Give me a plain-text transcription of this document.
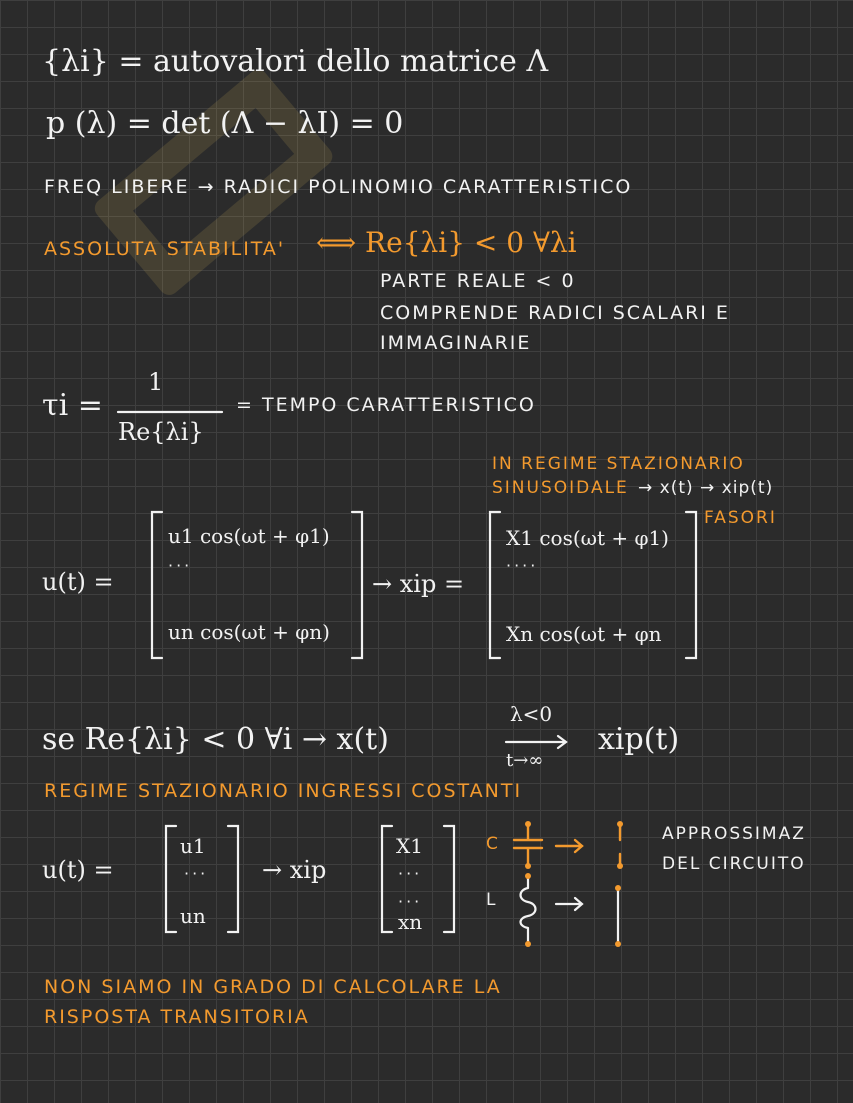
{λi} = autovalori dello matrice Λ
p (λ) = det (Λ − λI) = 0
FREQ LIBERE → RADICI POLINOMIO CARATTERISTICO
ASSOLUTA STABILITA' ⟺ Re{λi} < 0 ∀λi
PARTE REALE < 0
COMPRENDE RADICI SCALARI E
IMMAGINARIE
τi =
1
Re{λi}
= TEMPO CARATTERISTICO
IN REGIME STAZIONARIO
SINUSOIDALE → x(t) → xip(t)
FASORI
u(t) =
u1 cos(ωt + φ1)
···
un cos(ωt + φn)
→ xip =
X1 cos(ωt + φ1)
····
Xn cos(ωt + φn
se Re{λi} < 0 ∀i → x(t)
λ<0
t→∞
xip(t)
REGIME STAZIONARIO INGRESSI COSTANTI
u(t) =
u1
···
un
→ xip
X1
···
···
xn
C
L
APPROSSIMAZ
DEL CIRCUITO
NON SIAMO IN GRADO DI CALCOLARE LA
RISPOSTA TRANSITORIA
